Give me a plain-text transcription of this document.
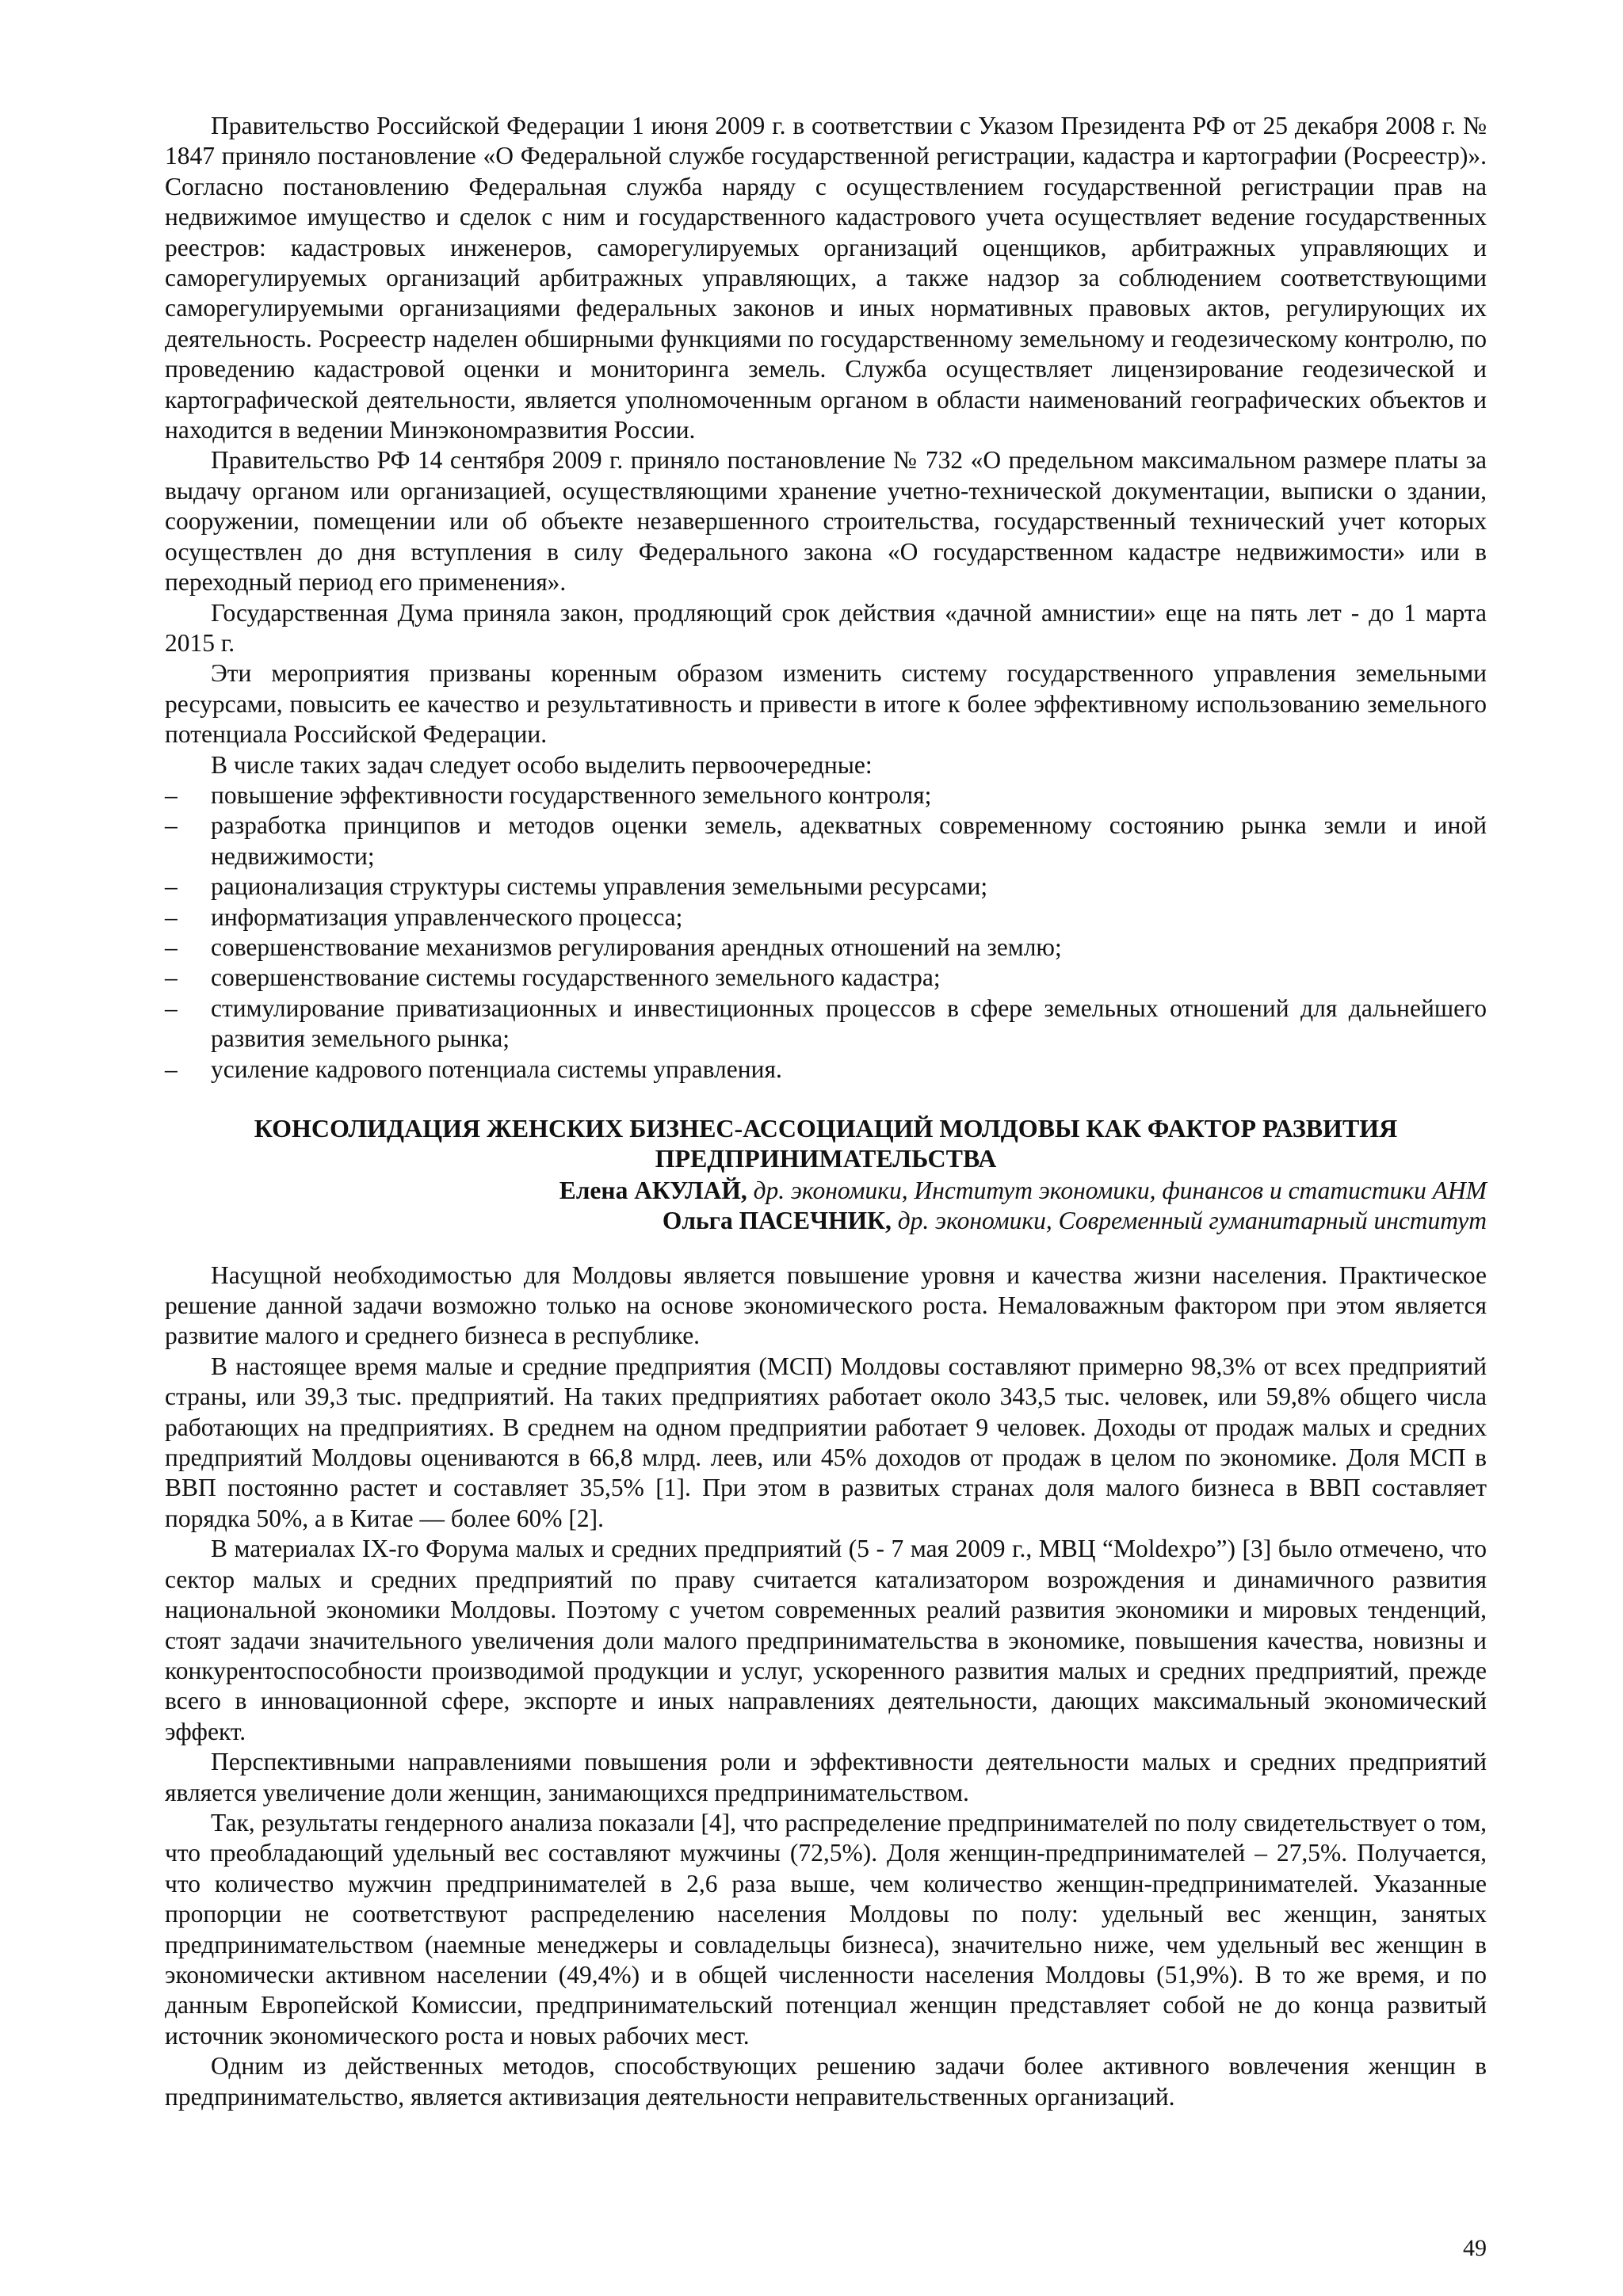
Правительство Российской Федерации 1 июня 2009 г. в соответствии с Указом Президента РФ от 25 декабря 2008 г. № 1847 приняло постановление «О Федеральной службе государственной регистрации, кадастра и картографии (Росреестр)». Согласно постановлению Федеральная служба наряду с осуществлением государственной регистрации прав на недвижимое имущество и сделок с ним и государственного кадастрового учета осуществляет ведение государственных реестров: кадастровых инженеров, саморегулируемых организаций оценщиков, арбитражных управляющих и саморегулируемых организаций арбитражных управляющих, а также надзор за соблюдением соответствующими саморегулируемыми организациями федеральных законов и иных нормативных правовых актов, регулирующих их деятельность. Росреестр наделен обширными функциями по государственному земельному и геодезическому контролю, по проведению кадастровой оценки и мониторинга земель. Служба осуществляет лицензирование геодезической и картографической деятельности, является уполномоченным органом в области наименований географических объектов и находится в ведении Минэкономразвития России.

Правительство РФ 14 сентября 2009 г. приняло постановление № 732 «О предельном максимальном размере платы за выдачу органом или организацией, осуществляющими хранение учетно-технической документации, выписки о здании, сооружении, помещении или об объекте незавершенного строительства, государственный технический учет которых осуществлен до дня вступления в силу Федерального закона «О государственном кадастре недвижимости» или в переходный период его применения».

Государственная Дума приняла закон, продляющий срок действия «дачной амнистии» еще на пять лет - до 1 марта 2015 г.

Эти мероприятия призваны коренным образом изменить систему государственного управления земельными ресурсами, повысить ее качество и результативность и привести в итоге к более эффективному использованию земельного потенциала Российской Федерации.

В числе таких задач следует особо выделить первоочередные:

– повышение эффективности государственного земельного контроля;
– разработка принципов и методов оценки земель, адекватных современному состоянию рынка земли и иной недвижимости;
– рационализация структуры системы управления земельными ресурсами;
– информатизация управленческого процесса;
– совершенствование механизмов регулирования арендных отношений на землю;
– совершенствование системы государственного земельного кадастра;
– стимулирование приватизационных и инвестиционных процессов в сфере земельных отношений для дальнейшего развития земельного рынка;
– усиление кадрового потенциала системы управления.
КОНСОЛИДАЦИЯ ЖЕНСКИХ БИЗНЕС-АССОЦИАЦИЙ МОЛДОВЫ КАК ФАКТОР РАЗВИТИЯ
ПРЕДПРИНИМАТЕЛЬСТВА
Елена АКУЛАЙ, др. экономики, Институт экономики, финансов и статистики АНМ
Ольга ПАСЕЧНИК, др. экономики, Современный гуманитарный институт

Насущной необходимостью для Молдовы является повышение уровня и качества жизни населения. Практическое решение данной задачи возможно только на основе экономического роста. Немаловажным фактором при этом является развитие малого и среднего бизнеса в республике.

В настоящее время малые и средние предприятия (МСП) Молдовы составляют примерно 98,3% от всех предприятий страны, или 39,3 тыс. предприятий. На таких предприятиях работает около 343,5 тыс. человек, или 59,8% общего числа работающих на предприятиях. В среднем на одном предприятии работает 9 человек. Доходы от продаж малых и средних предприятий Молдовы оцениваются в 66,8 млрд. леев, или 45% доходов от продаж в целом по экономике. Доля МСП в ВВП постоянно растет и составляет 35,5% [1]. При этом в развитых странах доля малого бизнеса в ВВП составляет порядка 50%, а в Китае — более 60% [2].

В материалах IX-го Форума малых и средних предприятий (5 - 7 мая 2009 г., МВЦ “Moldexpo”) [3] было отмечено, что сектор малых и средних предприятий по праву считается катализатором возрождения и динамичного развития национальной экономики Молдовы. Поэтому с учетом современных реалий развития экономики и мировых тенденций, стоят задачи значительного увеличения доли малого предпринимательства в экономике, повышения качества, новизны и конкурентоспособности производимой продукции и услуг, ускоренного развития малых и средних предприятий, прежде всего в инновационной сфере, экспорте и иных направлениях деятельности, дающих максимальный экономический эффект.

Перспективными направлениями повышения роли и эффективности деятельности малых и средних предприятий является увеличение доли женщин, занимающихся предпринимательством.

Так, результаты гендерного анализа показали [4], что распределение предпринимателей по полу свидетельствует о том, что преобладающий удельный вес составляют мужчины (72,5%). Доля женщин-предпринимателей – 27,5%. Получается, что количество мужчин предпринимателей в 2,6 раза выше, чем количество женщин-предпринимателей. Указанные пропорции не соответствуют распределению населения Молдовы по полу: удельный вес женщин, занятых предпринимательством (наемные менеджеры и совладельцы бизнеса), значительно ниже, чем удельный вес женщин в экономически активном населении (49,4%) и в общей численности населения Молдовы (51,9%). В то же время, и по данным Европейской Комиссии, предпринимательский потенциал женщин представляет собой не до конца развитый источник экономического роста и новых рабочих мест.

Одним из действенных методов, способствующих решению задачи более активного вовлечения женщин в предпринимательство, является активизация деятельности неправительственных организаций.

49
